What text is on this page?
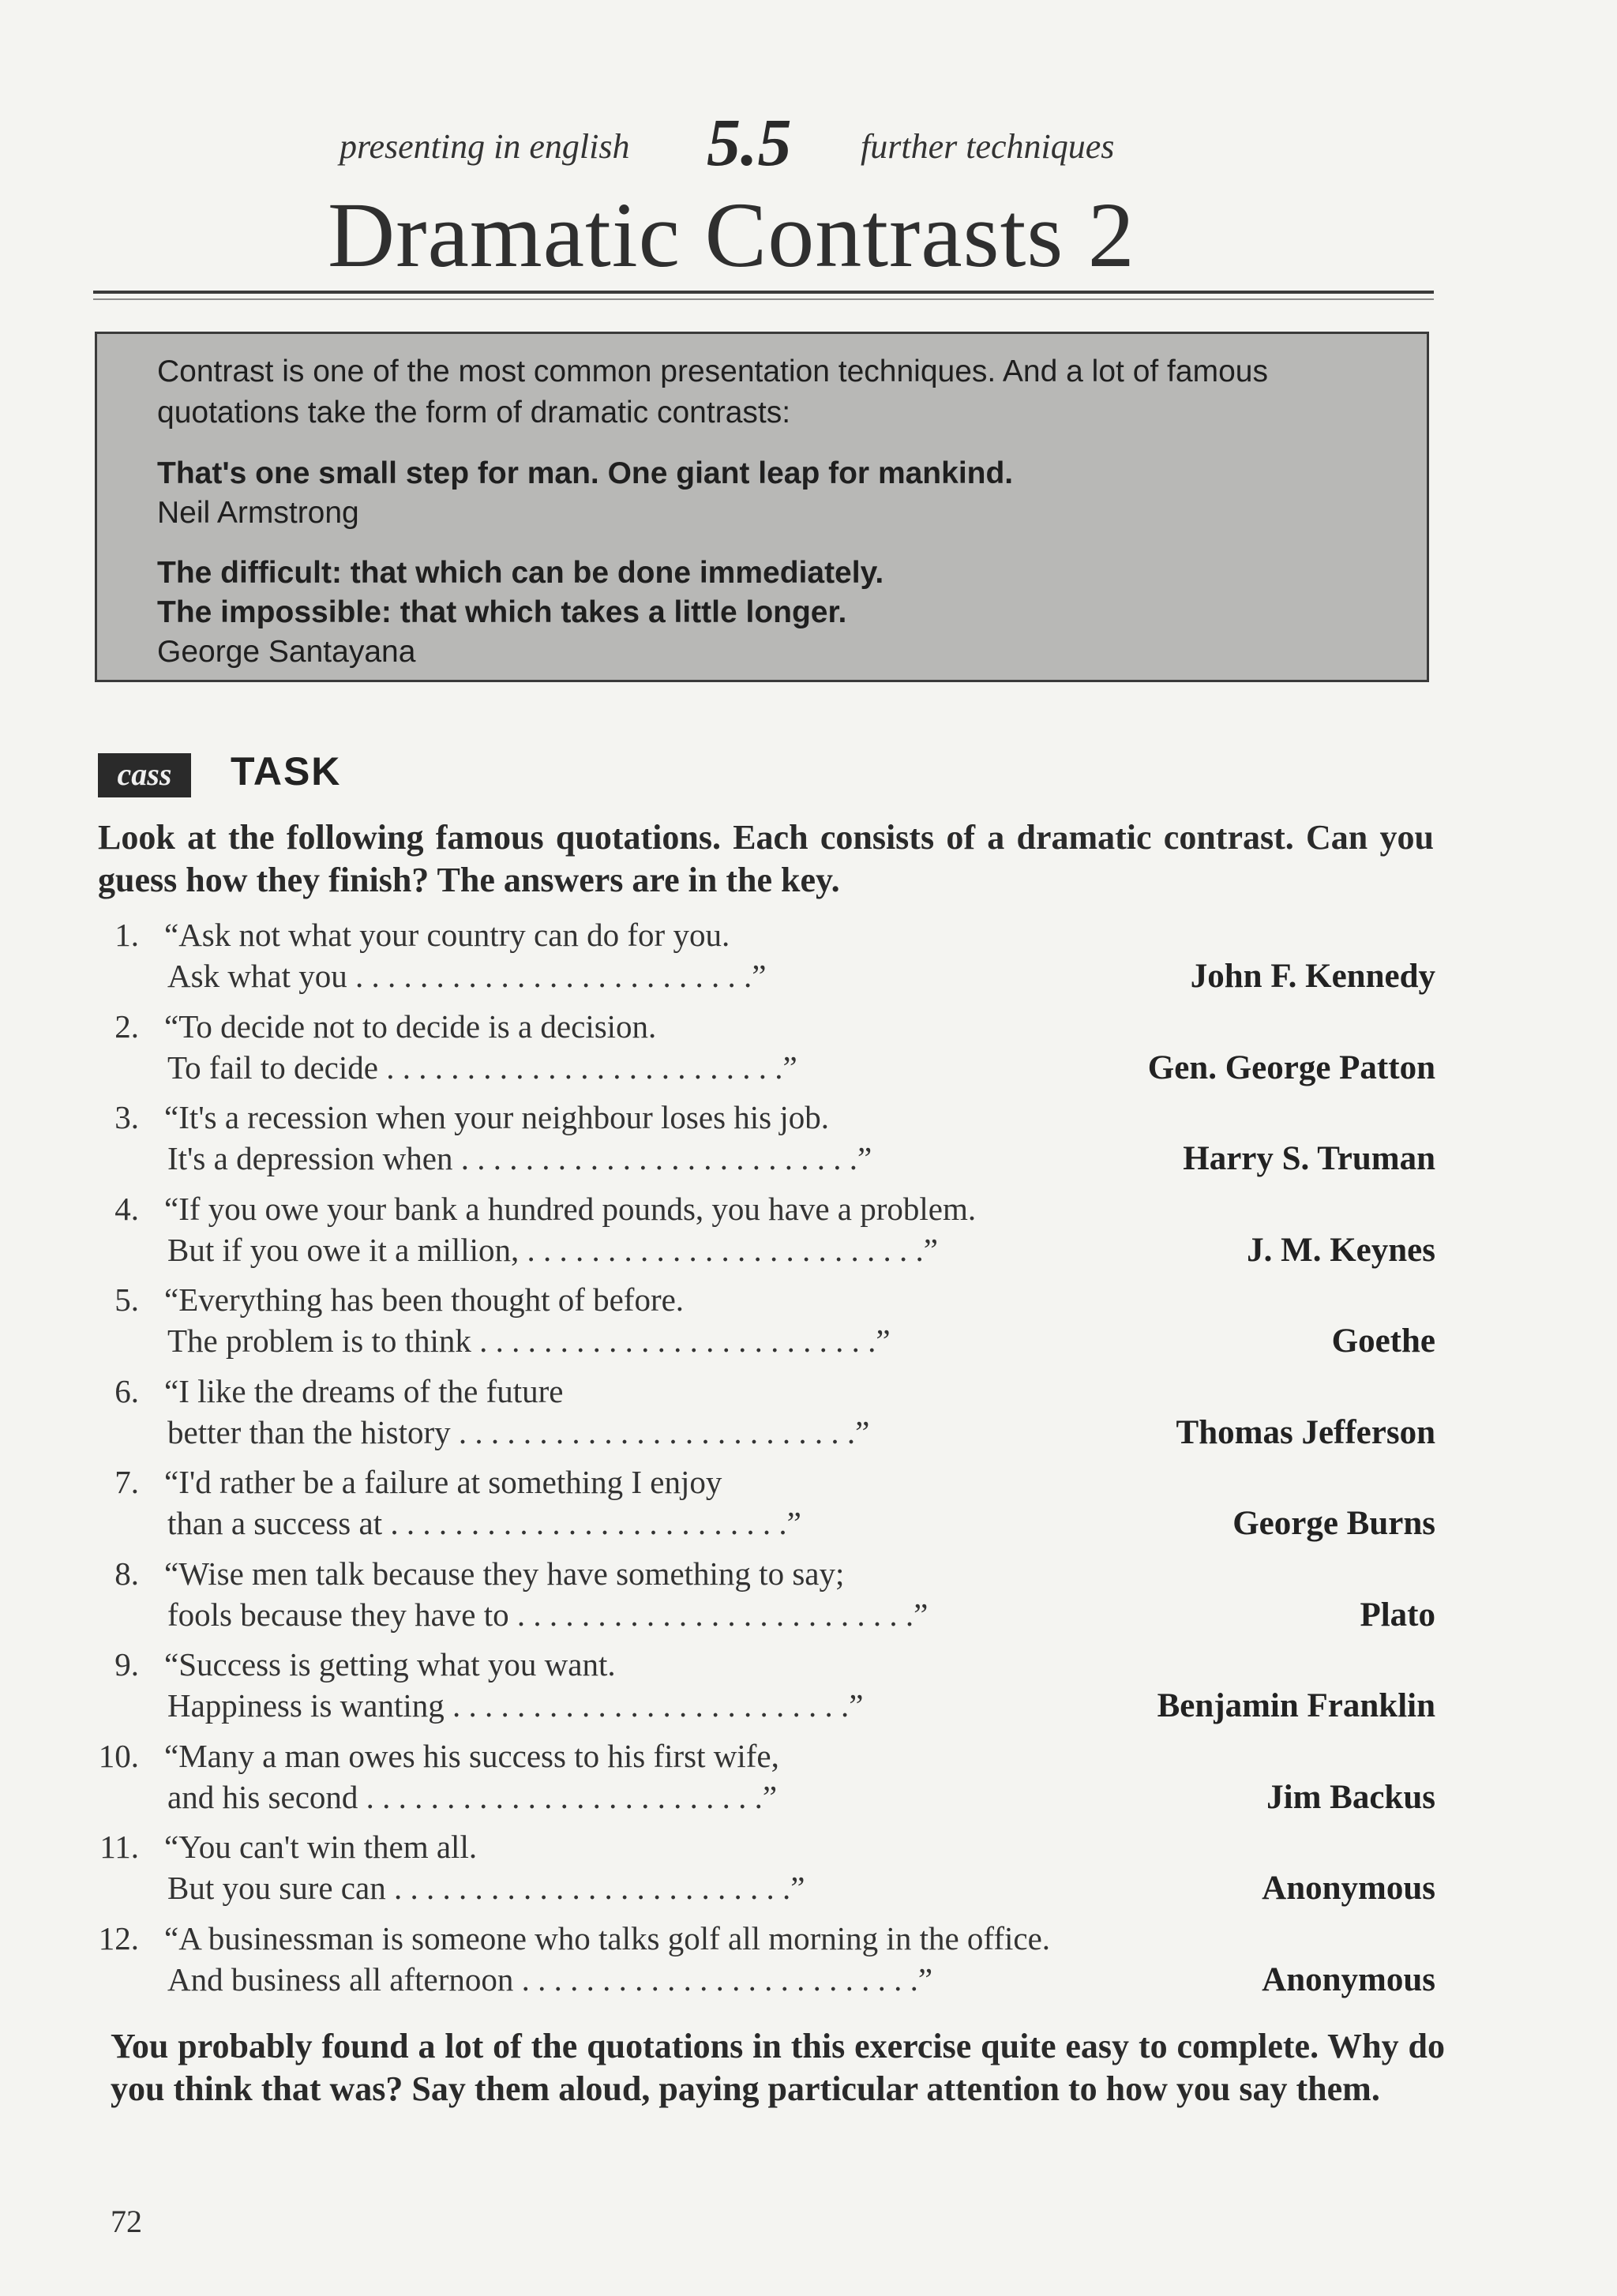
presenting in english 5.5 further techniques
Dramatic Contrasts 2
Contrast is one of the most common presentation techniques. And a lot of famous quotations take the form of dramatic contrasts:
That's one small step for man. One giant leap for mankind.
Neil Armstrong
The difficult: that which can be done immediately.
The impossible: that which takes a little longer.
George Santayana
cass	TASK
Look at the following famous quotations. Each consists of a dramatic contrast. Can you guess how they finish? The answers are in the key.
1. “Ask not what your country can do for you.
Ask what you . . . . . . . . . . . . . . . . . . . . . . . . .”	John F. Kennedy
2. “To decide not to decide is a decision.
To fail to decide . . . . . . . . . . . . . . . . . . . . . . . . .”	Gen. George Patton
3. “It's a recession when your neighbour loses his job.
It's a depression when . . . . . . . . . . . . . . . . . . . . . . . . .”	Harry S. Truman
4. “If you owe your bank a hundred pounds, you have a problem.
But if you owe it a million, . . . . . . . . . . . . . . . . . . . . . . . . .”	J. M. Keynes
5. “Everything has been thought of before.
The problem is to think . . . . . . . . . . . . . . . . . . . . . . . . .”	Goethe
6. “I like the dreams of the future
better than the history . . . . . . . . . . . . . . . . . . . . . . . . .”	Thomas Jefferson
7. “I'd rather be a failure at something I enjoy
than a success at . . . . . . . . . . . . . . . . . . . . . . . . .”	George Burns
8. “Wise men talk because they have something to say;
fools because they have to . . . . . . . . . . . . . . . . . . . . . . . . .”	Plato
9. “Success is getting what you want.
Happiness is wanting . . . . . . . . . . . . . . . . . . . . . . . . .”	Benjamin Franklin
10. “Many a man owes his success to his first wife,
and his second . . . . . . . . . . . . . . . . . . . . . . . . .”	Jim Backus
11. “You can't win them all.
But you sure can . . . . . . . . . . . . . . . . . . . . . . . . .”	Anonymous
12. “A businessman is someone who talks golf all morning in the office.
And business all afternoon . . . . . . . . . . . . . . . . . . . . . . . . .”	Anonymous
You probably found a lot of the quotations in this exercise quite easy to complete. Why do you think that was? Say them aloud, paying particular attention to how you say them.
72
